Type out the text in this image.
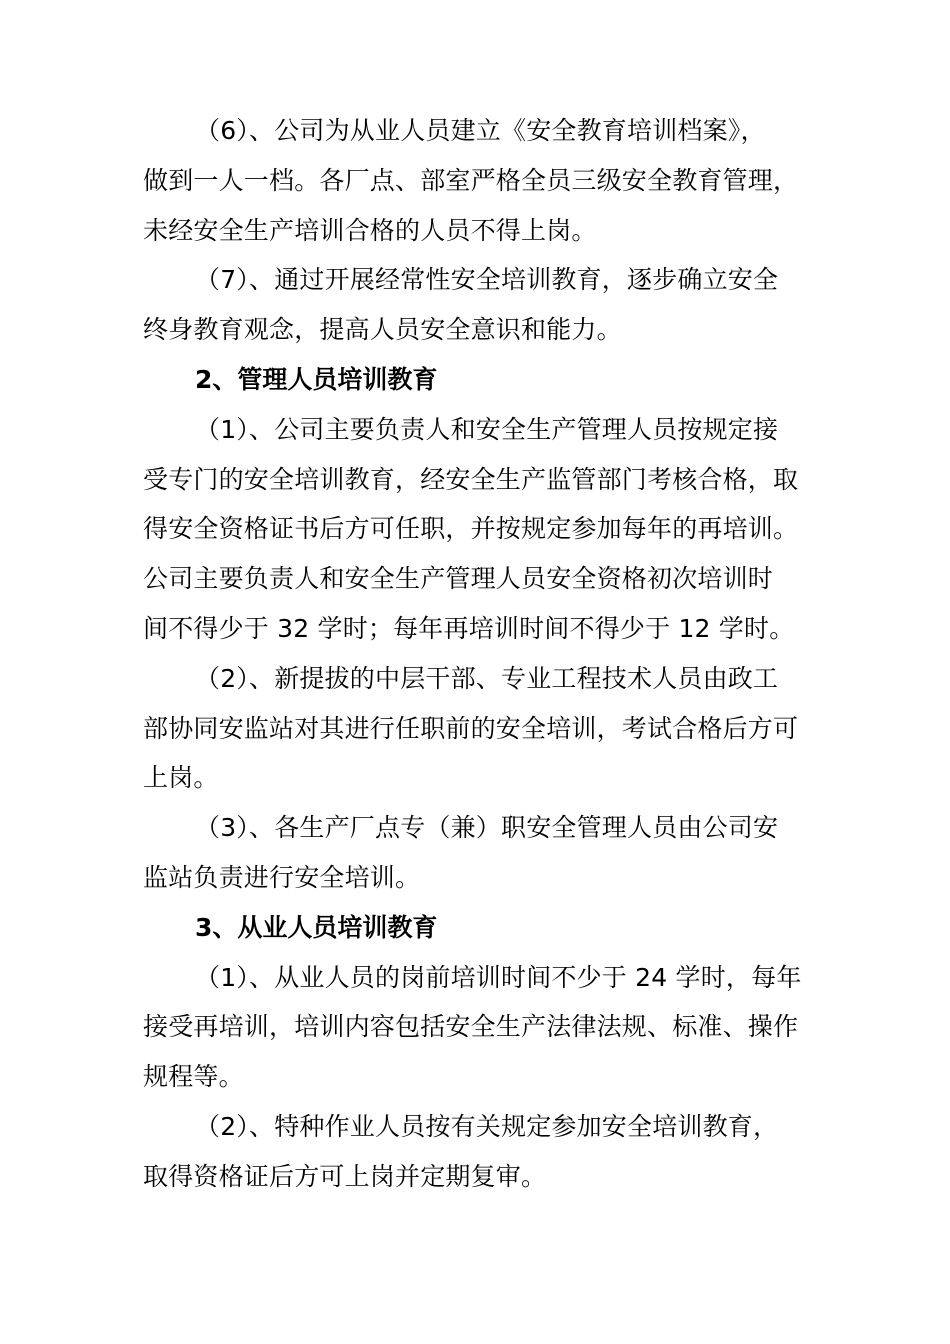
（6）、公司为从业人员建立《安全教育培训档案》，
做到一人一档。各厂点、部室严格全员三级安全教育管理，
未经安全生产培训合格的人员不得上岗。

（7）、通过开展经常性安全培训教育，逐步确立安全
终身教育观念，提高人员安全意识和能力。

2、管理人员培训教育

（1）、公司主要负责人和安全生产管理人员按规定接
受专门的安全培训教育，经安全生产监管部门考核合格，取
得安全资格证书后方可任职，并按规定参加每年的再培训。
公司主要负责人和安全生产管理人员安全资格初次培训时
间不得少于 32 学时；每年再培训时间不得少于 12 学时。

（2）、新提拔的中层干部、专业工程技术人员由政工
部协同安监站对其进行任职前的安全培训，考试合格后方可
上岗。

（3）、各生产厂点专（兼）职安全管理人员由公司安
监站负责进行安全培训。

3、从业人员培训教育

（1）、从业人员的岗前培训时间不少于 24 学时，每年
接受再培训，培训内容包括安全生产法律法规、标准、操作
规程等。

（2）、特种作业人员按有关规定参加安全培训教育，
取得资格证后方可上岗并定期复审。
